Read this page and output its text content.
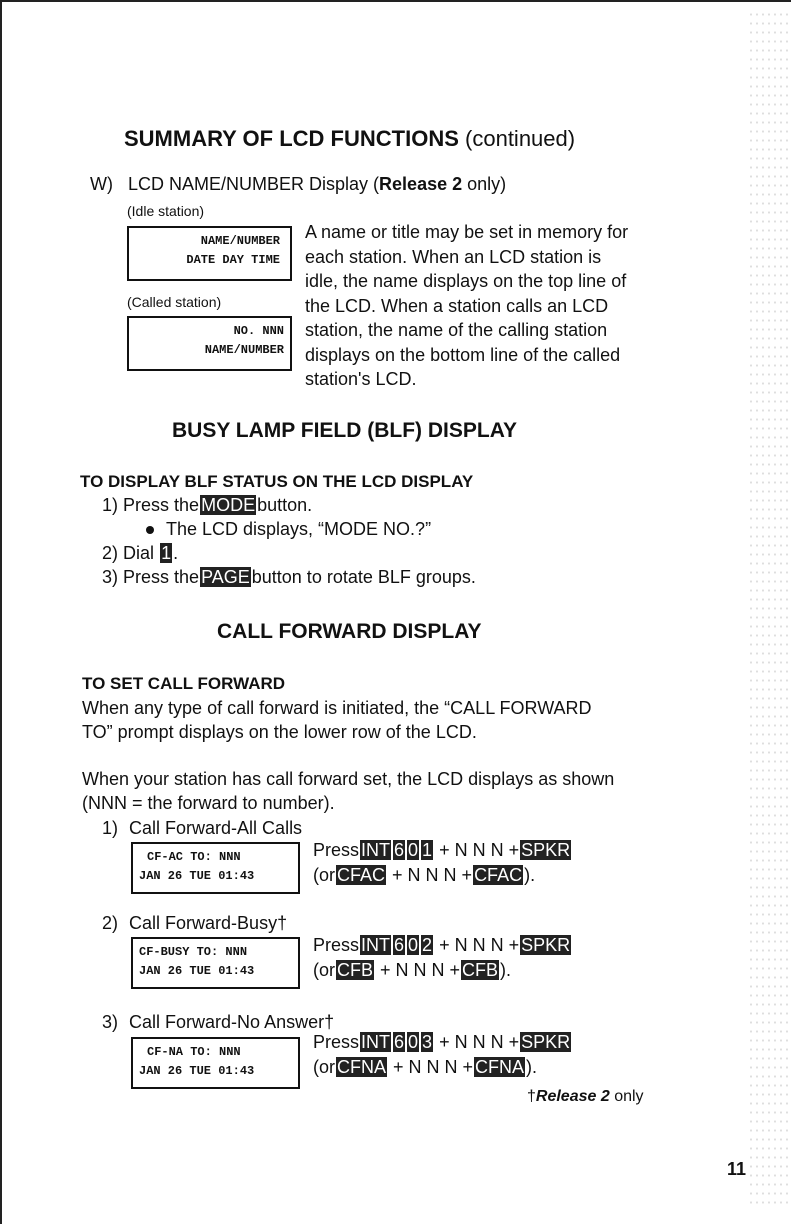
SUMMARY OF LCD FUNCTIONS (continued)
W) LCD NAME/NUMBER Display (Release 2 only)
(Idle station)
NAME/NUMBER
DATE DAY TIME
(Called station)
NO. NNN
NAME/NUMBER
A name or title may be set in memory for
each station. When an LCD station is
idle, the name displays on the top line of
the LCD. When a station calls an LCD
station, the name of the calling station
displays on the bottom line of the called
station's LCD.
BUSY LAMP FIELD (BLF) DISPLAY
TO DISPLAY BLF STATUS ON THE LCD DISPLAY
1) Press the MODE button.
The LCD displays, “MODE NO.?”
2) Dial 1 .
3) Press the PAGE button to rotate BLF groups.
CALL FORWARD DISPLAY
TO SET CALL FORWARD
When any type of call forward is initiated, the “CALL FORWARD
TO” prompt displays on the lower row of the LCD.
When your station has call forward set, the LCD displays as shown
(NNN = the forward to number).
1) Call Forward-All Calls
CF-AC TO: NNN
JAN 26 TUE 01:43
Press INT 6 0 1 + N N N + SPKR
(or CFAC + N N N + CFAC ).
2) Call Forward-Busy†
CF-BUSY TO: NNN
JAN 26 TUE 01:43
Press INT 6 0 2 + N N N + SPKR
(or CFB + N N N + CFB ).
3) Call Forward-No Answer†
CF-NA TO: NNN
JAN 26 TUE 01:43
Press INT 6 0 3 + N N N + SPKR
(or CFNA + N N N + CFNA ).
†Release 2 only
11
